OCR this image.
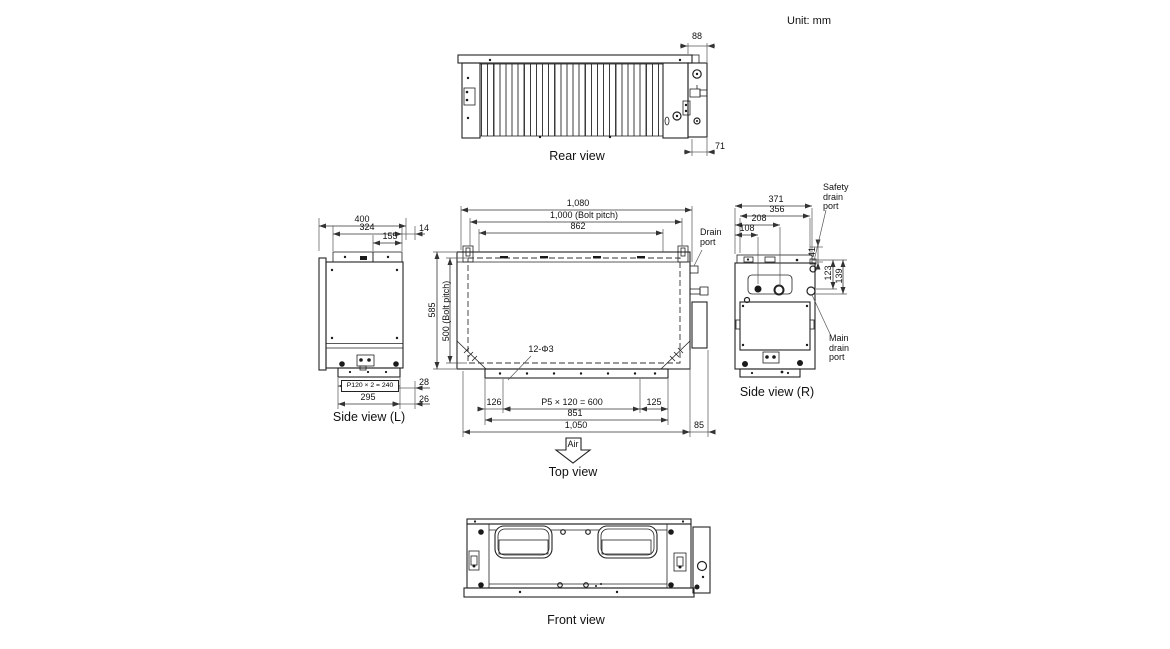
Unit: mm
88
71
Rear view
400
324	14
155
P120 × 2 = 240	28
295	26
Side view (L)
1,080
1,000 (Bolt pitch)
862
585 500 (Bolt pitch)
12-Φ3
Drain port
126	P5 × 120 = 600	125
851
1,050	85
Air
Top view
371
356
208
108
41
123 139
Safety drain port
Main drain port
Side view (R)
Front view
